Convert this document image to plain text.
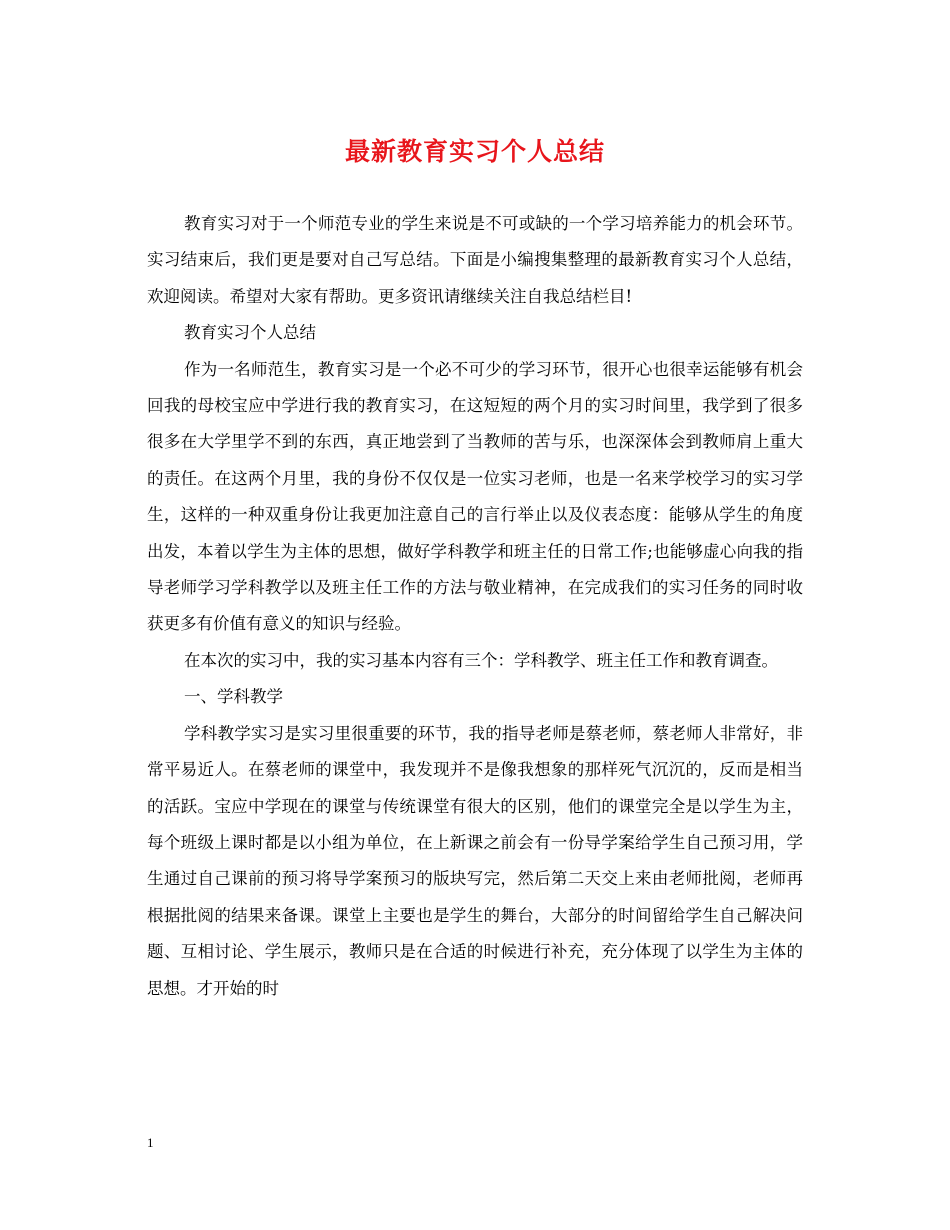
最新教育实习个人总结

教育实习对于一个师范专业的学生来说是不可或缺的一个学习培养能力的机会环节。实习结束后，我们更是要对自己写总结。下面是小编搜集整理的最新教育实习个人总结，欢迎阅读。希望对大家有帮助。更多资讯请继续关注自我总结栏目!

教育实习个人总结

作为一名师范生，教育实习是一个必不可少的学习环节，很开心也很幸运能够有机会回我的母校宝应中学进行我的教育实习，在这短短的两个月的实习时间里，我学到了很多很多在大学里学不到的东西，真正地尝到了当教师的苦与乐，也深深体会到教师肩上重大的责任。在这两个月里，我的身份不仅仅是一位实习老师，也是一名来学校学习的实习学生，这样的一种双重身份让我更加注意自己的言行举止以及仪表态度：能够从学生的角度出发，本着以学生为主体的思想，做好学科教学和班主任的日常工作;也能够虚心向我的指导老师学习学科教学以及班主任工作的方法与敬业精神，在完成我们的实习任务的同时收获更多有价值有意义的知识与经验。

在本次的实习中，我的实习基本内容有三个：学科教学、班主任工作和教育调查。

一、学科教学

学科教学实习是实习里很重要的环节，我的指导老师是蔡老师，蔡老师人非常好，非常平易近人。在蔡老师的课堂中，我发现并不是像我想象的那样死气沉沉的，反而是相当的活跃。宝应中学现在的课堂与传统课堂有很大的区别，他们的课堂完全是以学生为主，每个班级上课时都是以小组为单位，在上新课之前会有一份导学案给学生自己预习用，学生通过自己课前的预习将导学案预习的版块写完，然后第二天交上来由老师批阅，老师再根据批阅的结果来备课。课堂上主要也是学生的舞台，大部分的时间留给学生自己解决问题、互相讨论、学生展示，教师只是在合适的时候进行补充，充分体现了以学生为主体的思想。才开始的时

1
